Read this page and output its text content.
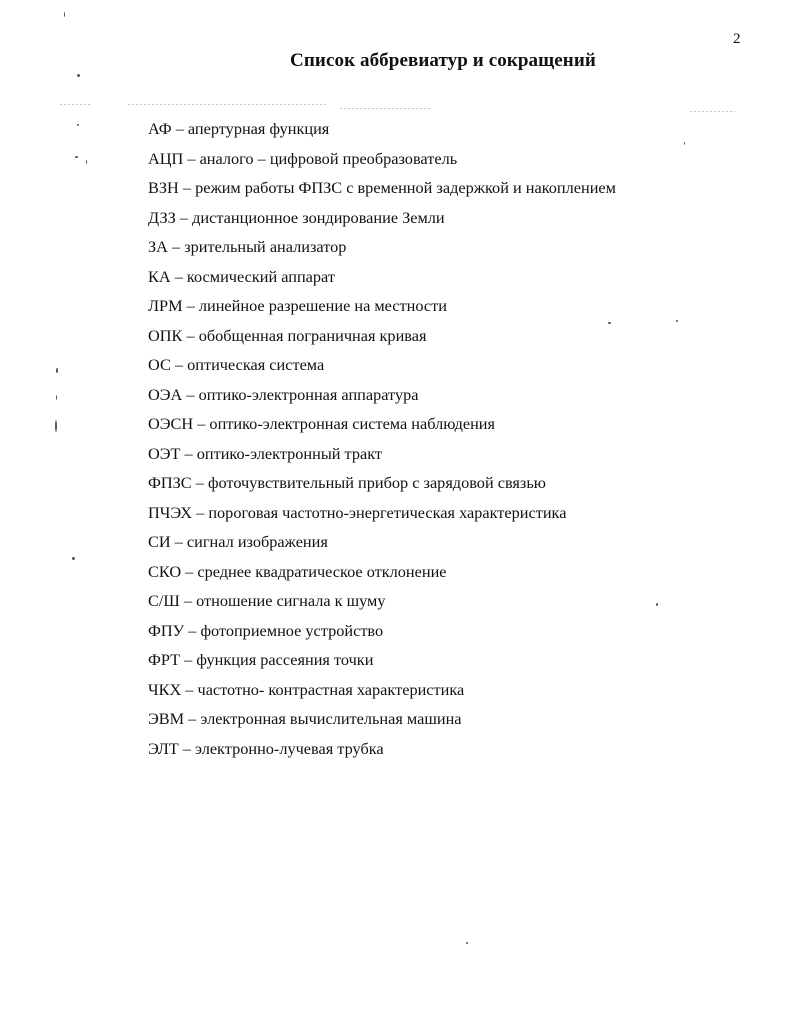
2
Список аббревиатур и сокращений
АФ – апертурная функция
АЦП – аналого – цифровой преобразователь
ВЗН – режим работы ФПЗС с временной задержкой и накоплением
ДЗЗ – дистанционное зондирование Земли
ЗА – зрительный анализатор
КА – космический аппарат
ЛРМ – линейное разрешение на местности
ОПК – обобщенная пограничная кривая
ОС – оптическая система
ОЭА – оптико-электронная аппаратура
ОЭСН – оптико-электронная система наблюдения
ОЭТ – оптико-электронный тракт
ФПЗС – фоточувствительный прибор с зарядовой связью
ПЧЭХ – пороговая частотно-энергетическая характеристика
СИ – сигнал изображения
СКО – среднее квадратическое отклонение
С/Ш – отношение сигнала к шуму
ФПУ – фотоприемное устройство
ФРТ – функция рассеяния точки
ЧКХ – частотно- контрастная характеристика
ЭВМ – электронная вычислительная машина
ЭЛТ – электронно-лучевая трубка
